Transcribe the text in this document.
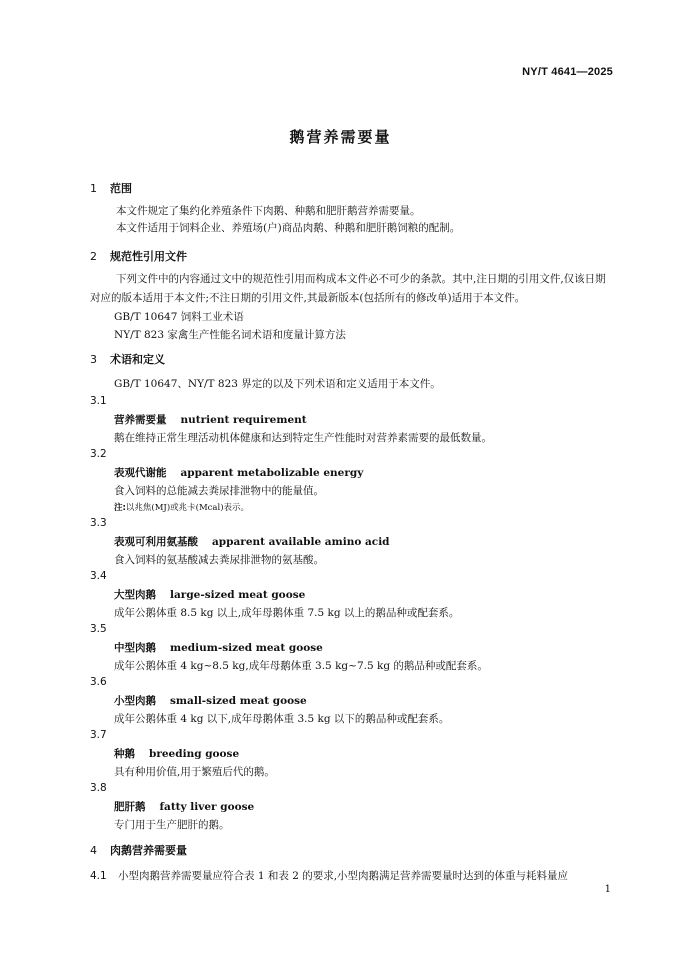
NY/T 4641—2025
鹅营养需要量
1 范围
本文件规定了集约化养殖条件下肉鹅、种鹅和肥肝鹅营养需要量。
本文件适用于饲料企业、养殖场(户)商品肉鹅、种鹅和肥肝鹅饲粮的配制。
2 规范性引用文件
下列文件中的内容通过文中的规范性引用而构成本文件必不可少的条款。其中,注日期的引用文件,仅该日期对应的版本适用于本文件;不注日期的引用文件,其最新版本(包括所有的修改单)适用于本文件。
GB/T 10647 饲料工业术语
NY/T 823 家禽生产性能名词术语和度量计算方法
3 术语和定义
GB/T 10647、NY/T 823 界定的以及下列术语和定义适用于本文件。
3.1
营养需要量 nutrient requirement
鹅在维持正常生理活动机体健康和达到特定生产性能时对营养素需要的最低数量。
3.2
表观代谢能 apparent metabolizable energy
食入饲料的总能减去粪尿排泄物中的能量值。
注:以兆焦(MJ)或兆卡(Mcal)表示。
3.3
表观可利用氨基酸 apparent available amino acid
食入饲料的氨基酸减去粪尿排泄物的氨基酸。
3.4
大型肉鹅 large-sized meat goose
成年公鹅体重 8.5 kg 以上,成年母鹅体重 7.5 kg 以上的鹅品种或配套系。
3.5
中型肉鹅 medium-sized meat goose
成年公鹅体重 4 kg~8.5 kg,成年母鹅体重 3.5 kg~7.5 kg 的鹅品种或配套系。
3.6
小型肉鹅 small-sized meat goose
成年公鹅体重 4 kg 以下,成年母鹅体重 3.5 kg 以下的鹅品种或配套系。
3.7
种鹅 breeding goose
具有种用价值,用于繁殖后代的鹅。
3.8
肥肝鹅 fatty liver goose
专门用于生产肥肝的鹅。
4 肉鹅营养需要量
4.1 小型肉鹅营养需要量应符合表 1 和表 2 的要求,小型肉鹅满足营养需要量时达到的体重与耗料量应
1
